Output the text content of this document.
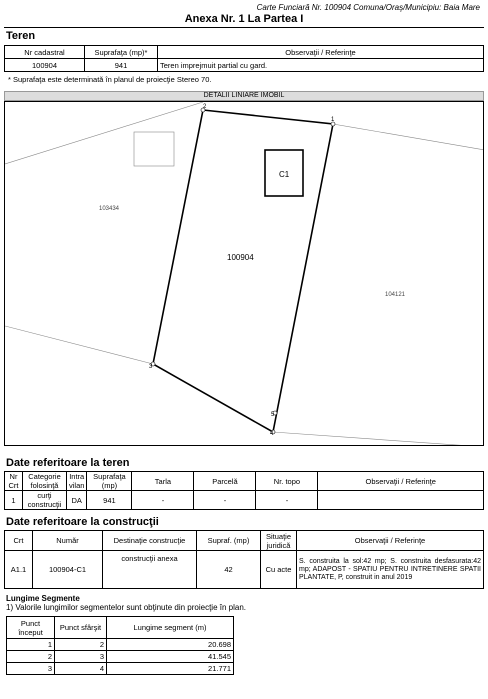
Carte Funciară Nr. 100904 Comuna/Oraş/Municipiu: Baia Mare
Anexa Nr. 1 La Partea I
Teren
Nr cadastral	Suprafaţa (mp)*	Observaţii / Referinţe
100904	941	Teren imprejmuit partial cu gard.
* Suprafaţa este determinată în planul de proiecţie Stereo 70.
DETALII LINIARE IMOBIL
1
2
3
4
5
100904
C1
103434
104121
Date referitoare la teren
Nr Crt	Categorie folosinţă	Intra vilan	Suprafaţa (mp)	Tarla	Parcelă	Nr. topo	Observaţii / Referinţe
1	curţi construcţii	DA	941	-	-	-	
Date referitoare la construcţii
Crt	Număr	Destinaţie construcţie	Supraf. (mp)	Situaţie juridică	Observaţii / Referinţe
A1.1	100904-C1	construcţii anexa	42	Cu acte	S. construita la sol:42 mp; S. construita desfasurata:42 mp; ADAPOST - SPATIU PENTRU INTRETINERE SPATII PLANTATE, P, construit in anul 2019
Lungime Segmente
1) Valorile lungimilor segmentelor sunt obţinute din proiecţie în plan.
Punct început	Punct sfârşit	Lungime segment (m)
1	2	20.698
2	3	41.545
3	4	21.771
